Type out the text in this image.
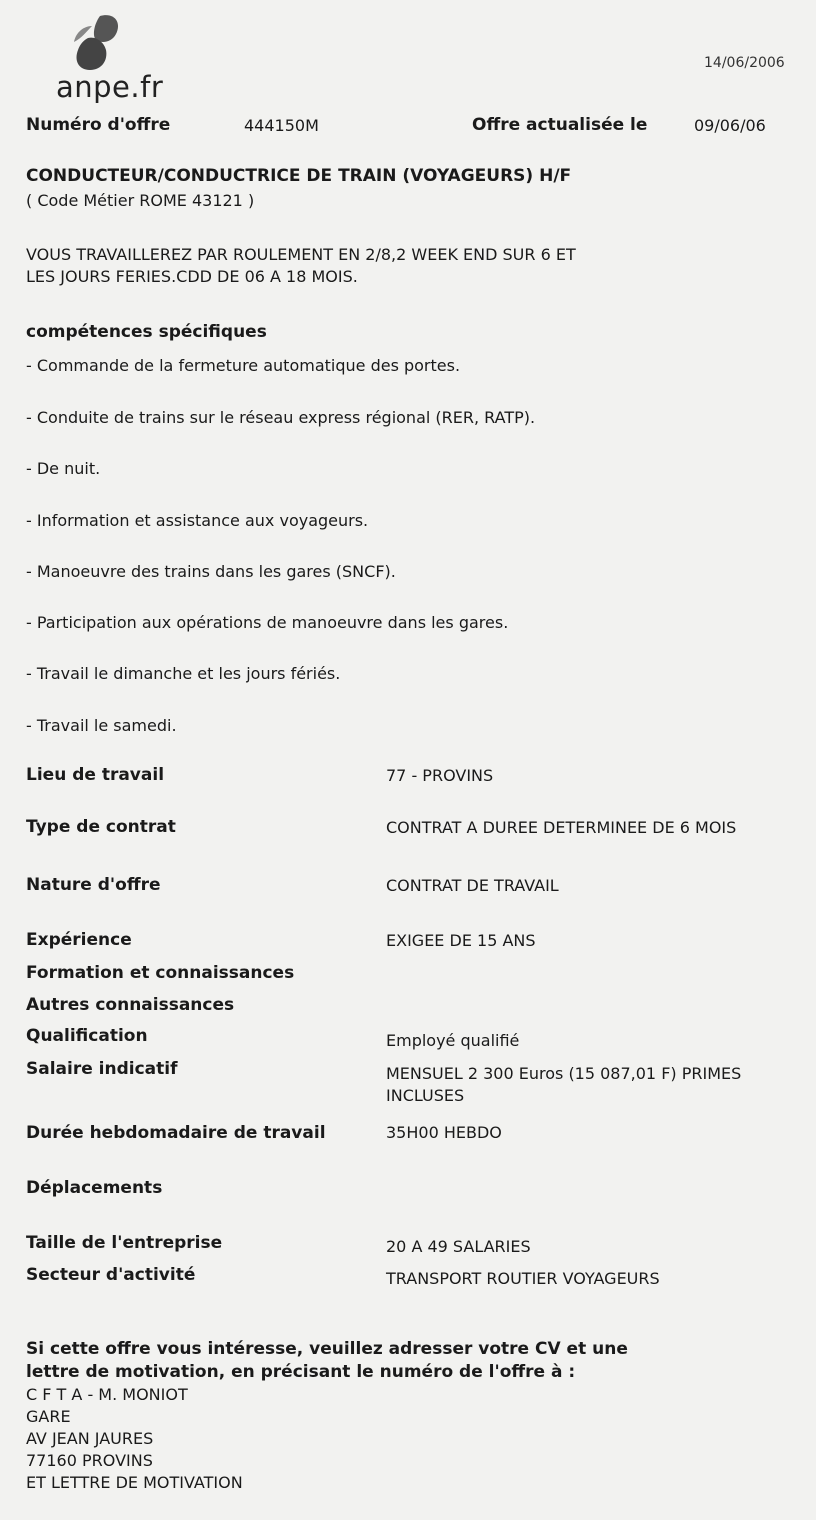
anpe.fr
14/06/2006
Numéro d'offre	444150M	Offre actualisée le	09/06/06
CONDUCTEUR/CONDUCTRICE DE TRAIN (VOYAGEURS) H/F
( Code Métier ROME 43121 )
VOUS TRAVAILLEREZ PAR ROULEMENT EN 2/8,2 WEEK END SUR 6 ET
LES JOURS FERIES.CDD DE 06 A 18 MOIS.
compétences spécifiques
- Commande de la fermeture automatique des portes.
- Conduite de trains sur le réseau express régional (RER, RATP).
- De nuit.
- Information et assistance aux voyageurs.
- Manoeuvre des trains dans les gares (SNCF).
- Participation aux opérations de manoeuvre dans les gares.
- Travail le dimanche et les jours fériés.
- Travail le samedi.
Lieu de travail	77 - PROVINS
Type de contrat	CONTRAT A DUREE DETERMINEE DE 6 MOIS
Nature d'offre	CONTRAT DE TRAVAIL
Expérience	EXIGEE DE 15 ANS
Formation et connaissances
Autres connaissances
Qualification	Employé qualifié
Salaire indicatif	MENSUEL 2 300 Euros (15 087,01 F) PRIMES INCLUSES
Durée hebdomadaire de travail	35H00 HEBDO
Déplacements
Taille de l'entreprise	20 A 49 SALARIES
Secteur d'activité	TRANSPORT ROUTIER VOYAGEURS
Si cette offre vous intéresse, veuillez adresser votre CV et une
lettre de motivation, en précisant le numéro de l'offre à :
C F T A - M. MONIOT
GARE
AV JEAN JAURES
77160 PROVINS
ET LETTRE DE MOTIVATION
